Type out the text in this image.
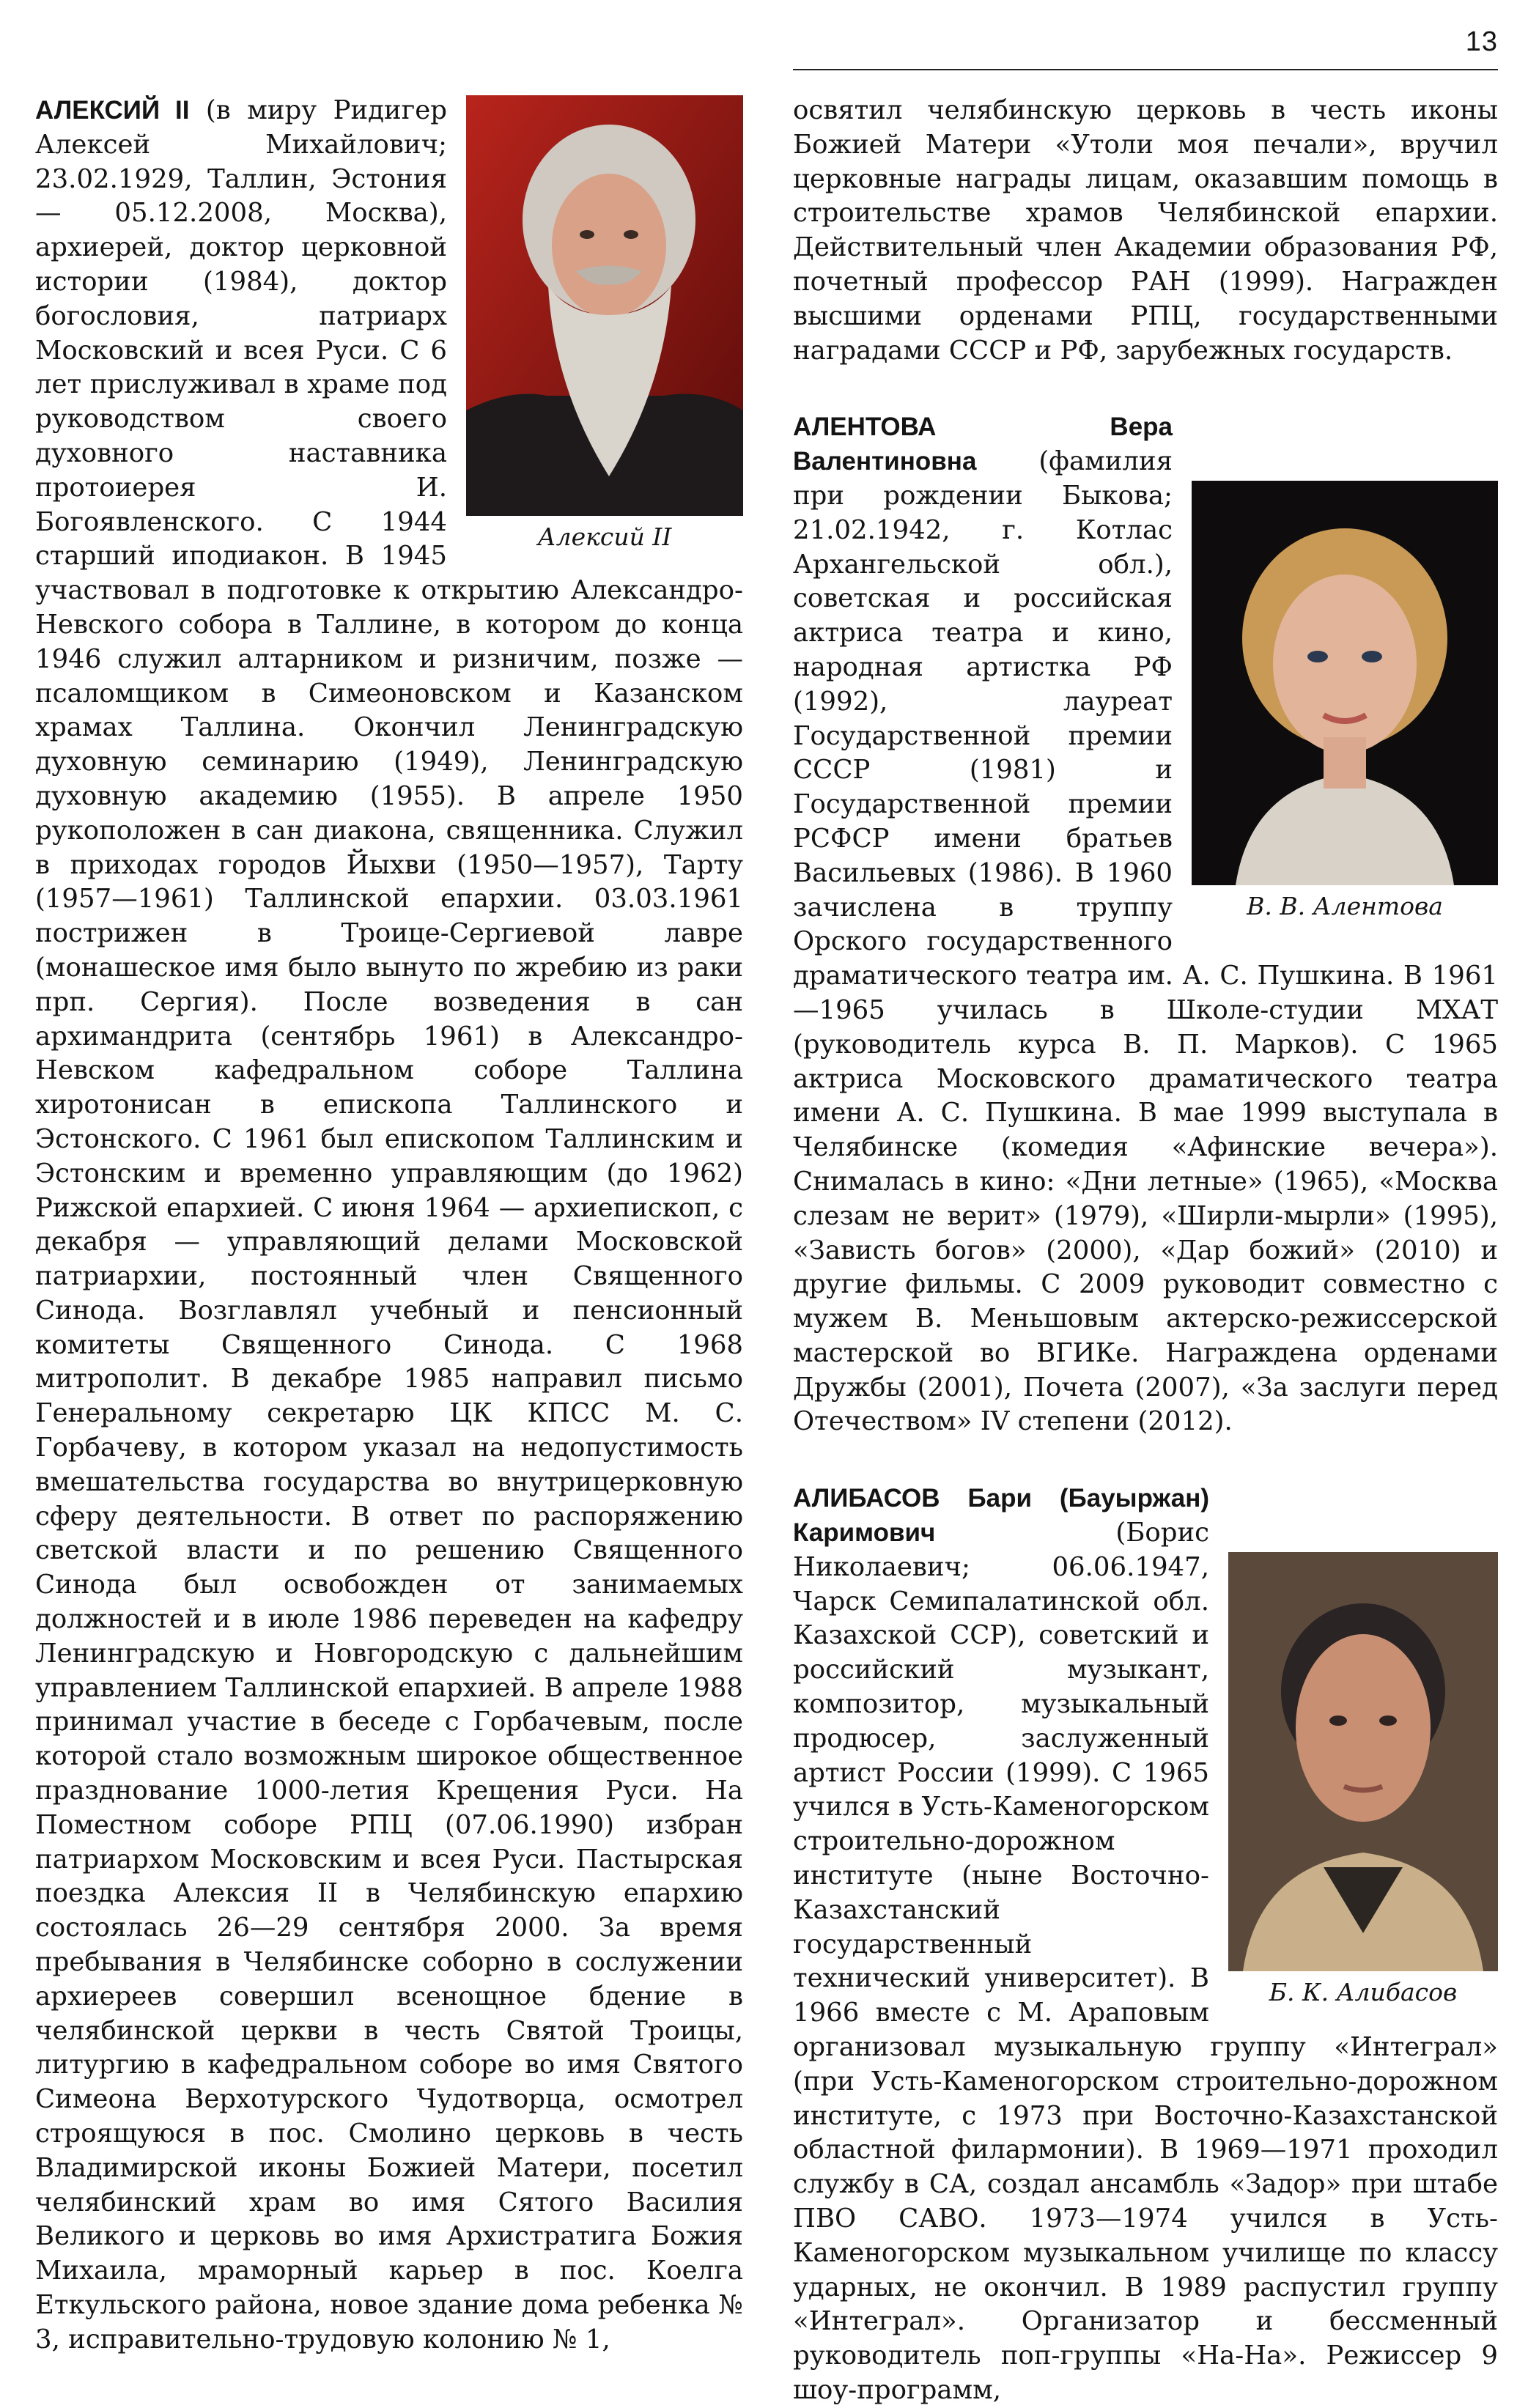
13
Алексий II

АЛЕКСИЙ II (в миру Ридигер Алексей Михайлович; 23.02.1929, Таллин, Эстония — 05.12.2008, Москва), архиерей, доктор церковной истории (1984), доктор богословия, патриарх Московский и всея Руси. С 6 лет прислуживал в храме под руководством своего духовного наставника протоиерея И. Богоявленского. С 1944 старший иподиакон. В 1945 участвовал в подготовке к открытию Александро-Невского собора в Таллине, в котором до конца 1946 служил алтарником и ризничим, позже — псаломщиком в Симеоновском и Казанском храмах Таллина. Окончил Ленинградскую духовную семинарию (1949), Ленинградскую духовную академию (1955). В апреле 1950 рукоположен в сан диакона, священника. Служил в приходах городов Йыхви (1950—1957), Тарту (1957—1961) Таллинской епархии. 03.03.1961 пострижен в Троице-Сергиевой лавре (монашеское имя было вынуто по жребию из раки прп. Сергия). После возведения в сан архимандрита (сентябрь 1961) в Александро-Невском кафедральном соборе Таллина хиротонисан в епископа Таллинского и Эстонского. С 1961 был епископом Таллинским и Эстонским и временно управляющим (до 1962) Рижской епархией. С июня 1964 — архиепископ, с декабря — управляющий делами Московской патриархии, постоянный член Священного Синода. Возглавлял учебный и пенсионный комитеты Священного Синода. С 1968 митрополит. В декабре 1985 направил письмо Генеральному секретарю ЦК КПСС М. С. Горбачеву, в котором указал на недопустимость вмешательства государства во внутрицерковную сферу деятельности. В ответ по распоряжению светской власти и по решению Священного Синода был освобожден от занимаемых должностей и в июле 1986 переведен на кафедру Ленинградскую и Новгородскую с дальнейшим управлением Таллинской епархией. В апреле 1988 принимал участие в беседе с Горбачевым, после которой стало возможным широкое общественное празднование 1000-летия Крещения Руси. На Поместном соборе РПЦ (07.06.1990) избран патриархом Московским и всея Руси. Пастырская поездка Алексия II в Челябинскую епархию состоялась 26—29 сентября 2000. За время пребывания в Челябинске соборно в сослужении архиереев совершил всенощное бдение в челябинской церкви в честь Святой Троицы, литургию в кафедральном соборе во имя Святого Симеона Верхотурского Чудотворца, осмотрел строящуюся в пос. Смолино церковь в честь Владимирской иконы Божией Матери, посетил челябинский храм во имя Сятого Василия Великого и церковь во имя Архистратига Божия Михаила, мраморный карьер в пос. Коелга Еткульского района, новое здание дома ребенка № 3, исправительно-трудовую колонию № 1,

освятил челябинскую церковь в честь иконы Божией Матери «Утоли моя печали», вручил церковные награды лицам, оказавшим помощь в строительстве храмов Челябинской епархии. Действительный член Академии образования РФ, почетный профессор РАН (1999). Награжден высшими орденами РПЦ, государственными наградами СССР и РФ, зарубежных государств.

В. В. Алентова

АЛЕНТОВА Вера Валентиновна (фамилия при рождении Быкова; 21.02.1942, г. Котлас Архангельской обл.), советская и российская актриса театра и кино, народная артистка РФ (1992), лауреат Государственной премии СССР (1981) и Государственной премии РСФСР имени братьев Васильевых (1986). В 1960 зачислена в труппу Орского государственного драматического театра им. А. С. Пушкина. В 1961—1965 училась в Школе-студии МХАТ (руководитель курса В. П. Марков). С 1965 актриса Московского драматического театра имени А. С. Пушкина. В мае 1999 выступала в Челябинске (комедия «Афинские вечера»). Снималась в кино: «Дни летные» (1965), «Москва слезам не верит» (1979), «Ширли-мырли» (1995), «Зависть богов» (2000), «Дар божий» (2010) и другие фильмы. С 2009 руководит совместно с мужем В. Меньшовым актерско-режиссерской мастерской во ВГИКе. Награждена орденами Дружбы (2001), Почета (2007), «За заслуги перед Отечеством» IV степени (2012).

Б. К. Алибасов

АЛИБАСОВ Бари (Бауыржан) Каримович	(Борис Николаевич; 06.06.1947, Чарск Семипалатинской обл. Казахской ССР), советский и российский музыкант, композитор, музыкальный продюсер, заслуженный артист России (1999). С 1965 учился в Усть-Каменогорском строительно-дорожном институте (ныне Восточно-Казахстанский государственный технический университет). В 1966 вместе с М. Араповым организовал музыкальную группу «Интеграл» (при Усть-Каменогорском строительно-дорожном институте, с 1973 при Восточно-Казахстанской областной филармонии). В 1969—1971 проходил службу в СА, создал ансамбль «Задор» при штабе ПВО САВО. 1973—1974 учился в Усть-Каменогорском музыкальном училище по классу ударных, не окончил. В 1989 распустил группу «Интеграл». Организатор и бессменный руководитель поп-группы «На-На». Режиссер 9 шоу-программ,
